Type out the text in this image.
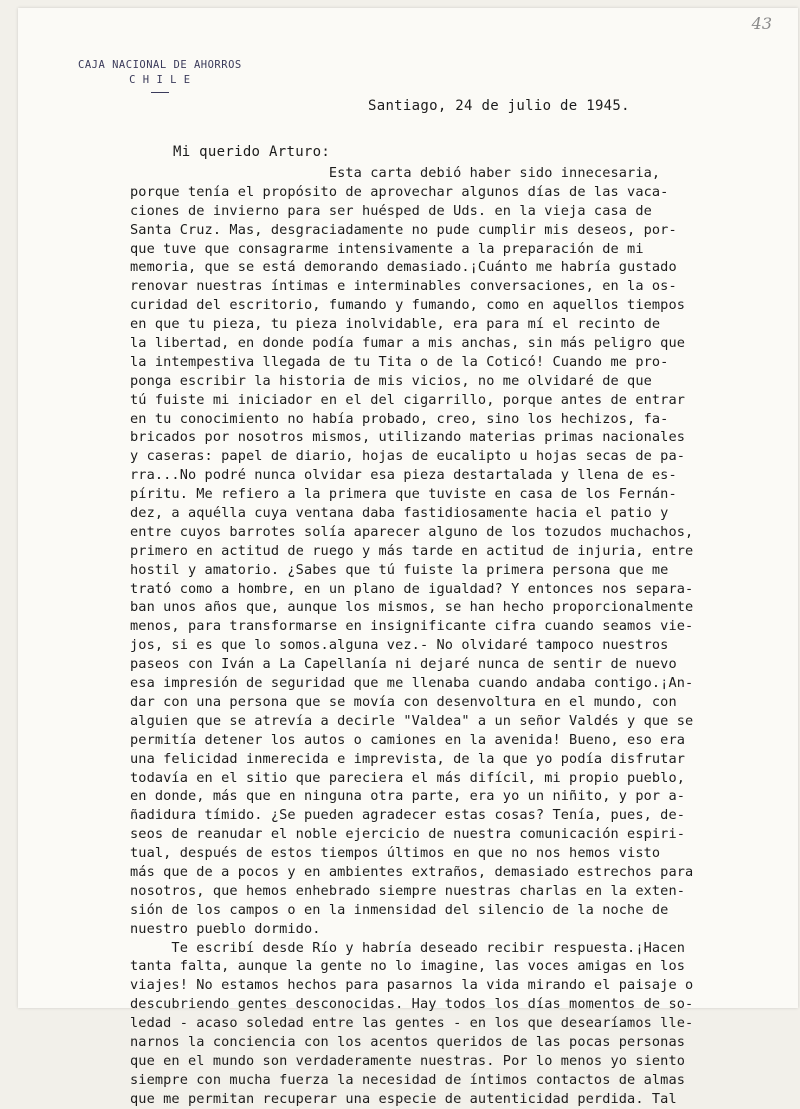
43
CAJA NACIONAL DE AHORROS
C H I L E
Santiago, 24 de julio de 1945.
Mi querido Arturo:
Esta carta debió haber sido innecesaria,
porque tenía el propósito de aprovechar algunos días de las vaca-
ciones de invierno para ser huésped de Uds. en la vieja casa de
Santa Cruz. Mas, desgraciadamente no pude cumplir mis deseos, por-
que tuve que consagrarme intensivamente a la preparación de mi
memoria, que se está demorando demasiado.¡Cuánto me habría gustado
renovar nuestras íntimas e interminables conversaciones, en la os-
curidad del escritorio, fumando y fumando, como en aquellos tiempos
en que tu pieza, tu pieza inolvidable, era para mí el recinto de
la libertad, en donde podía fumar a mis anchas, sin más peligro que
la intempestiva llegada de tu Tita o de la Coticó! Cuando me pro-
ponga escribir la historia de mis vicios, no me olvidaré de que
tú fuiste mi iniciador en el del cigarrillo, porque antes de entrar
en tu conocimiento no había probado, creo, sino los hechizos, fa-
bricados por nosotros mismos, utilizando materias primas nacionales
y caseras: papel de diario, hojas de eucalipto u hojas secas de pa-
rra...No podré nunca olvidar esa pieza destartalada y llena de es-
píritu. Me refiero a la primera que tuviste en casa de los Fernán-
dez, a aquélla cuya ventana daba fastidiosamente hacia el patio y
entre cuyos barrotes solía aparecer alguno de los tozudos muchachos,
primero en actitud de ruego y más tarde en actitud de injuria, entre
hostil y amatorio. ¿Sabes que tú fuiste la primera persona que me
trató como a hombre, en un plano de igualdad? Y entonces nos separa-
ban unos años que, aunque los mismos, se han hecho proporcionalmente
menos, para transformarse en insignificante cifra cuando seamos vie-
jos, si es que lo somos.alguna vez.- No olvidaré tampoco nuestros
paseos con Iván a La Capellanía ni dejaré nunca de sentir de nuevo
esa impresión de seguridad que me llenaba cuando andaba contigo.¡An-
dar con una persona que se movía con desenvoltura en el mundo, con
alguien que se atrevía a decirle "Valdea" a un señor Valdés y que se
permitía detener los autos o camiones en la avenida! Bueno, eso era
una felicidad inmerecida e imprevista, de la que yo podía disfrutar
todavía en el sitio que pareciera el más difícil, mi propio pueblo,
en donde, más que en ninguna otra parte, era yo un niñito, y por a-
ñadidura tímido. ¿Se pueden agradecer estas cosas? Tenía, pues, de-
seos de reanudar el noble ejercicio de nuestra comunicación espiri-
tual, después de estos tiempos últimos en que no nos hemos visto
más que de a pocos y en ambientes extraños, demasiado estrechos para
nosotros, que hemos enhebrado siempre nuestras charlas en la exten-
sión de los campos o en la inmensidad del silencio de la noche de
nuestro pueblo dormido.
Te escribí desde Río y habría deseado recibir respuesta.¡Hacen
tanta falta, aunque la gente no lo imagine, las voces amigas en los
viajes! No estamos hechos para pasarnos la vida mirando el paisaje o
descubriendo gentes desconocidas. Hay todos los días momentos de so-
ledad - acaso soledad entre las gentes - en los que desearíamos lle-
narnos la conciencia con los acentos queridos de las pocas personas
que en el mundo son verdaderamente nuestras. Por lo menos yo siento
siempre con mucha fuerza la necesidad de íntimos contactos de almas
que me permitan recuperar una especie de autenticidad perdida. Tal
